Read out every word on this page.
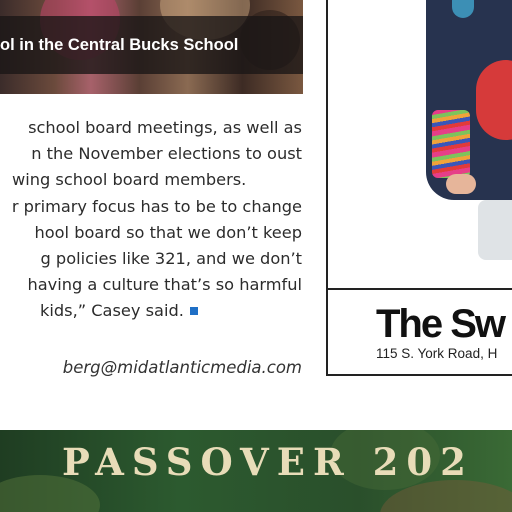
ol in the Central Bucks School

school board meetings, as well as

n the November elections to oust

wing school board members.

r primary focus has to be to change

hool board so that we don’t keep

g policies like 321, and we don’t

having a culture that’s so harmful

kids,” Casey said.

berg@midatlanticmedia.com
The Sw
115 S. York Road, H
PASSOVER 202
